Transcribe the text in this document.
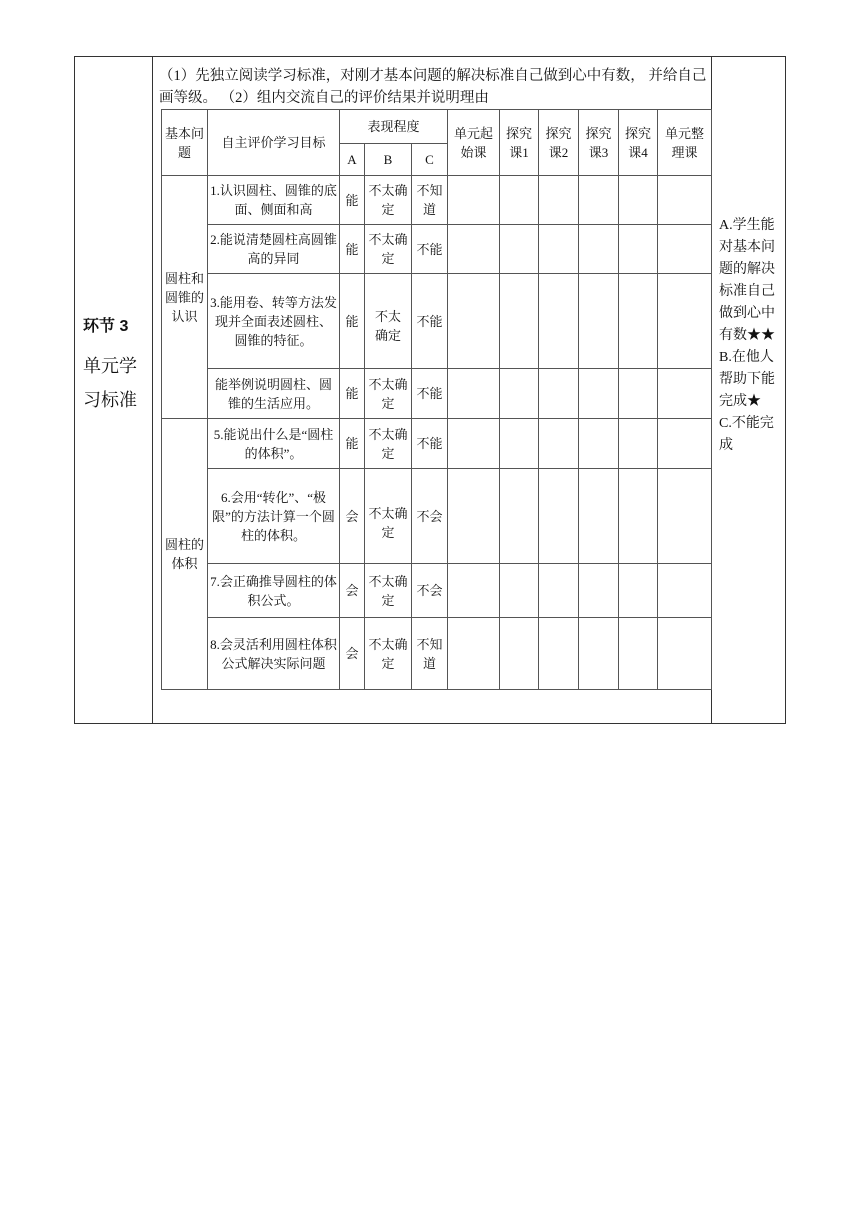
环节 3
单元学
习标准
（1）先独立阅读学习标准，对刚才基本问题的解决标准自己做到心中有数， 并给自己画等级。 （2）组内交流自己的评价结果并说明理由
基本问题	自主评价学习目标	表现程度			单元起始课	探究课1	探究课2	探究课3	探究课4	单元整理课
		A	B	C						
圆柱和圆锥的认识	1.认识圆柱、圆锥的底面、侧面和高	能	不太确定	不知道						
	2.能说清楚圆柱高圆锥高的异同	能	不太确定	不能						
	3.能用卷、转等方法发现并全面表述圆柱、圆锥的特征。	能	不太确定	不能						
	能举例说明圆柱、圆锥的生活应用。	能	不太确定	不能						
圆柱的体积	5.能说出什么是“圆柱的体积”。	能	不太确定	不能						
	6.会用“转化”、“极限”的方法计算一个圆柱的体积。	会	不太确定	不会						
	7.会正确推导圆柱的体积公式。	会	不太确定	不会						
	8.会灵活利用圆柱体积公式解决实际问题	会	不太确定	不知道						
A.学生能对基本问题的解决标准自己做到心中有数★★
B.在他人帮助下能完成★
C.不能完成
